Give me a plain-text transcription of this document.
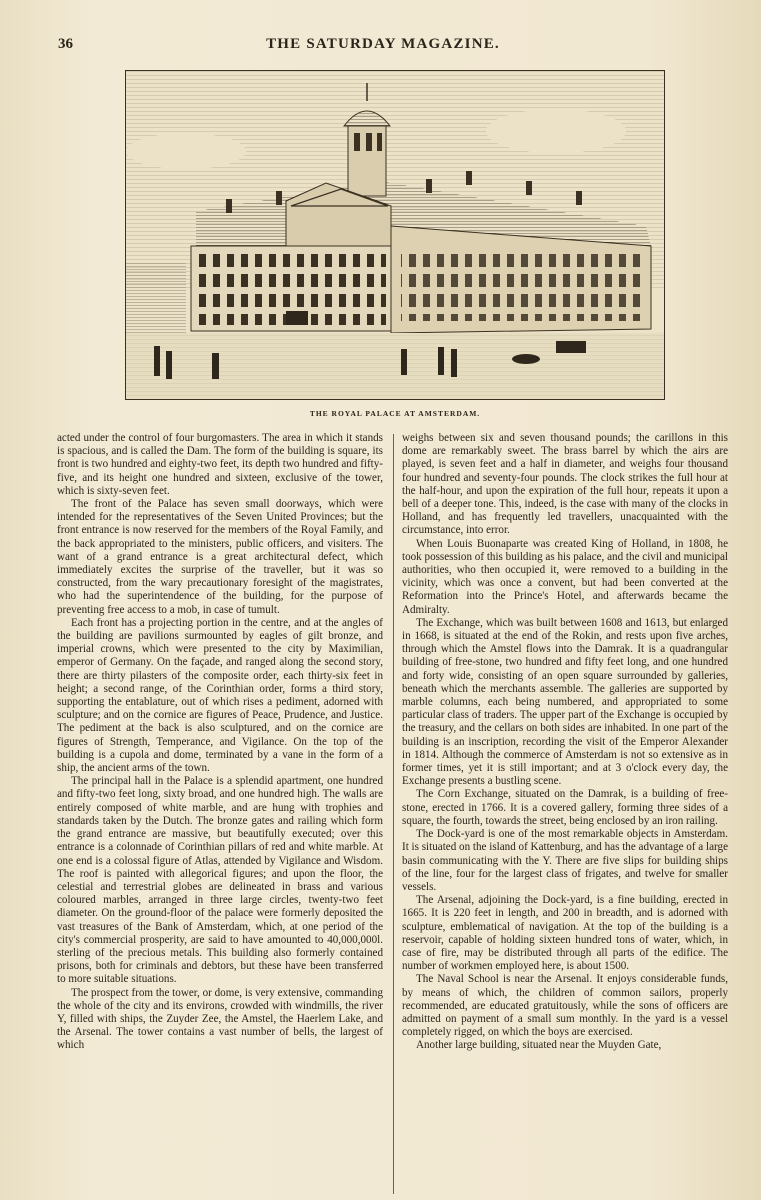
36	THE SATURDAY MAGAZINE.
THE ROYAL PALACE AT AMSTERDAM.

acted under the control of four burgomasters. The area in which it stands is spacious, and is called the Dam. The form of the building is square, its front is two hundred and eighty-two feet, its depth two hundred and fifty-five, and its height one hundred and sixteen, exclusive of the tower, which is sixty-seven feet.

The front of the Palace has seven small doorways, which were intended for the representatives of the Seven United Provinces; but the front entrance is now reserved for the members of the Royal Family, and the back appropriated to the ministers, public officers, and visiters. The want of a grand entrance is a great architectural defect, which immediately excites the surprise of the traveller, but it was so constructed, from the wary precautionary foresight of the magistrates, who had the superintendence of the building, for the purpose of preventing free access to a mob, in case of tumult.

Each front has a projecting portion in the centre, and at the angles of the building are pavilions surmounted by eagles of gilt bronze, and imperial crowns, which were presented to the city by Maximilian, emperor of Germany. On the façade, and ranged along the second story, there are thirty pilasters of the composite order, each thirty-six feet in height; a second range, of the Corinthian order, forms a third story, supporting the entablature, out of which rises a pediment, adorned with sculpture; and on the cornice are figures of Peace, Prudence, and Justice. The pediment at the back is also sculptured, and on the cornice are figures of Strength, Temperance, and Vigilance. On the top of the building is a cupola and dome, terminated by a vane in the form of a ship, the ancient arms of the town.

The principal hall in the Palace is a splendid apartment, one hundred and fifty-two feet long, sixty broad, and one hundred high. The walls are entirely composed of white marble, and are hung with trophies and standards taken by the Dutch. The bronze gates and railing which form the grand entrance are massive, but beautifully executed; over this entrance is a colonnade of Corinthian pillars of red and white marble. At one end is a colossal figure of Atlas, attended by Vigilance and Wisdom. The roof is painted with allegorical figures; and upon the floor, the celestial and terrestrial globes are delineated in brass and various coloured marbles, arranged in three large circles, twenty-two feet diameter. On the ground-floor of the palace were formerly deposited the vast treasures of the Bank of Amsterdam, which, at one period of the city's commercial prosperity, are said to have amounted to 40,000,000l. sterling of the precious metals. This building also formerly contained prisons, both for criminals and debtors, but these have been transferred to more suitable situations.

The prospect from the tower, or dome, is very extensive, commanding the whole of the city and its environs, crowded with windmills, the river Y, filled with ships, the Zuyder Zee, the Amstel, the Haerlem Lake, and the Arsenal. The tower contains a vast number of bells, the largest of which

weighs between six and seven thousand pounds; the carillons in this dome are remarkably sweet. The brass barrel by which the airs are played, is seven feet and a half in diameter, and weighs four thousand four hundred and seventy-four pounds. The clock strikes the full hour at the half-hour, and upon the expiration of the full hour, repeats it upon a bell of a deeper tone. This, indeed, is the case with many of the clocks in Holland, and has frequently led travellers, unacquainted with the circumstance, into error.

When Louis Buonaparte was created King of Holland, in 1808, he took possession of this building as his palace, and the civil and municipal authorities, who then occupied it, were removed to a building in the vicinity, which was once a convent, but had been converted at the Reformation into the Prince's Hotel, and afterwards became the Admiralty.

The Exchange, which was built between 1608 and 1613, but enlarged in 1668, is situated at the end of the Rokin, and rests upon five arches, through which the Amstel flows into the Damrak. It is a quadrangular building of free-stone, two hundred and fifty feet long, and one hundred and forty wide, consisting of an open square surrounded by galleries, beneath which the merchants assemble. The galleries are supported by marble columns, each being numbered, and appropriated to some particular class of traders. The upper part of the Exchange is occupied by the treasury, and the cellars on both sides are inhabited. In one part of the building is an inscription, recording the visit of the Emperor Alexander in 1814. Although the commerce of Amsterdam is not so extensive as in former times, yet it is still important; and at 3 o'clock every day, the Exchange presents a bustling scene.

The Corn Exchange, situated on the Damrak, is a building of free-stone, erected in 1766. It is a covered gallery, forming three sides of a square, the fourth, towards the street, being enclosed by an iron railing.

The Dock-yard is one of the most remarkable objects in Amsterdam. It is situated on the island of Kattenburg, and has the advantage of a large basin communicating with the Y. There are five slips for building ships of the line, four for the largest class of frigates, and twelve for smaller vessels.

The Arsenal, adjoining the Dock-yard, is a fine building, erected in 1665. It is 220 feet in length, and 200 in breadth, and is adorned with sculpture, emblematical of navigation. At the top of the building is a reservoir, capable of holding sixteen hundred tons of water, which, in case of fire, may be distributed through all parts of the edifice. The number of workmen employed here, is about 1500.

The Naval School is near the Arsenal. It enjoys considerable funds, by means of which, the children of common sailors, properly recommended, are educated gratuitously, while the sons of officers are admitted on payment of a small sum monthly. In the yard is a vessel completely rigged, on which the boys are exercised.

Another large building, situated near the Muyden Gate,
